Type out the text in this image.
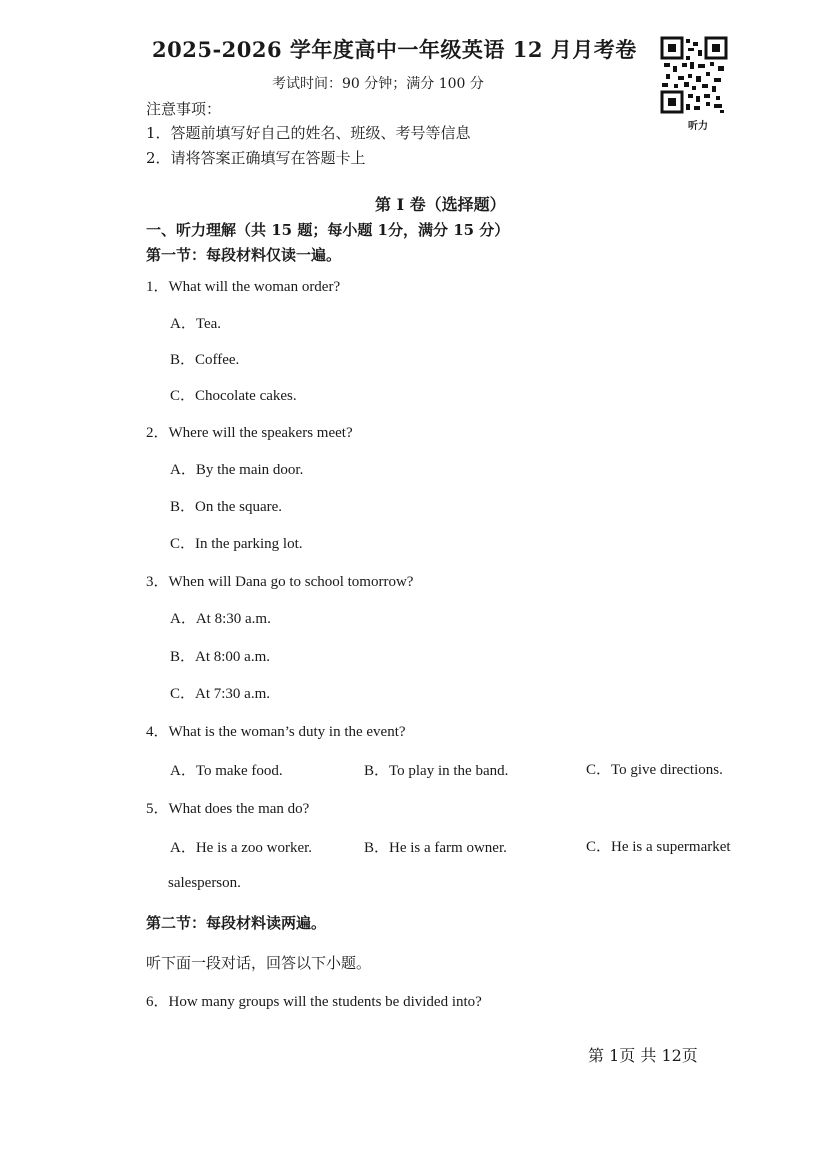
2025-2026 学年度高中一年级英语 12 月月考卷
考试时间：90 分钟；满分 100 分
听力
注意事项：
1．答题前填写好自己的姓名、班级、考号等信息
2．请将答案正确填写在答题卡上
第 I 卷（选择题）
一、听力理解（共 15 题；每小题 1分，满分 15 分）
第一节：每段材料仅读一遍。
1．What will the woman order?
A．Tea.
B．Coffee.
C．Chocolate cakes.
2．Where will the speakers meet?
A．By the main door.
B．On the square.
C．In the parking lot.
3．When will Dana go to school tomorrow?
A．At 8:30 a.m.
B．At 8:00 a.m.
C．At 7:30 a.m.
4．What is the woman’s duty in the event?
A．To make food.	B．To play in the band.	C．To give directions.
5．What does the man do?
A．He is a zoo worker.	B．He is a farm owner.	C．He is a supermarket
salesperson.
第二节：每段材料读两遍。
听下面一段对话，回答以下小题。
6．How many groups will the students be divided into?
第 1页 共 12页
